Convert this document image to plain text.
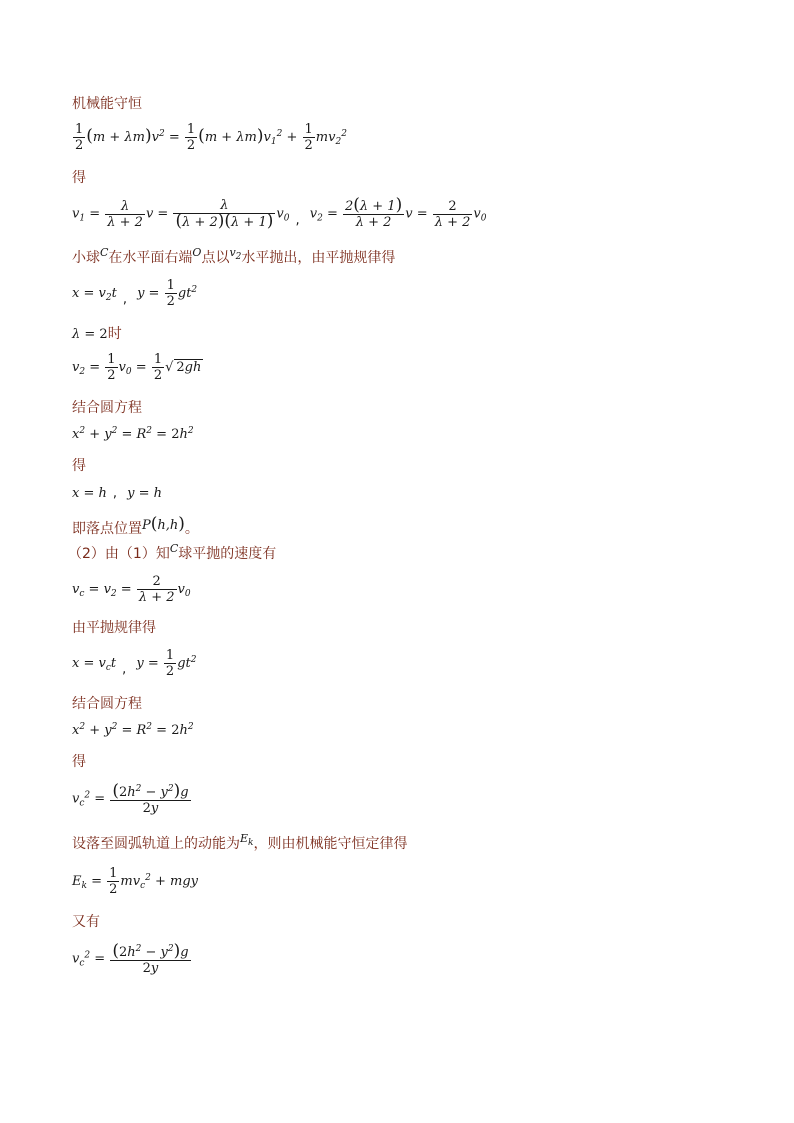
机械能守恒
$\frac{1}{2} (m + \lambda m)v^2 = \frac{1}{2} (m + \lambda m)v_1^2 + \frac{1}{2} mv_2^2$
得
$v_1 = \frac{\lambda}{\lambda + 2}$ $v = \frac{\lambda}{(\lambda + 2)(\lambda + 1)} v_0$ , $v_2 = \frac{2(\lambda + 1)}{\lambda + 2}$ $v = \frac{2}{\lambda + 2} v_0$
小球$^C$在水平面右端$^O$点以$^{v_2}$水平抛出，由平抛规律得
$x = v_2t$ , $y = \frac{1}{2} gt^2$
λ = 2时
$v_2 = \frac{1}{2} v_0 = \frac{1}{2}$ √ 2gh
结合圆方程
$x^2 + y^2 = R^2 = 2h^2$
得
x = h , y = h
即落点位置P(h,h)。
（2）由（1）知$^C$球平抛的速度有
$v_c = v_2 = \frac{2}{\lambda + 2} v_0$
由平抛规律得
$x = v_ct$ , $y = \frac{1}{2} gt^2$
结合圆方程
$x^2 + y^2 = R^2 = 2h^2$
得
$v_c^2 = \frac{(2h^2 - y^2)g}{2y}$
设落至圆弧轨道上的动能为$^{E_k}$，则由机械能守恒定律得
$E_k = \frac{1}{2} mv_c^2$ + mgy
又有
$v_c^2 = \frac{(2h^2 - y^2)g}{2y}$
